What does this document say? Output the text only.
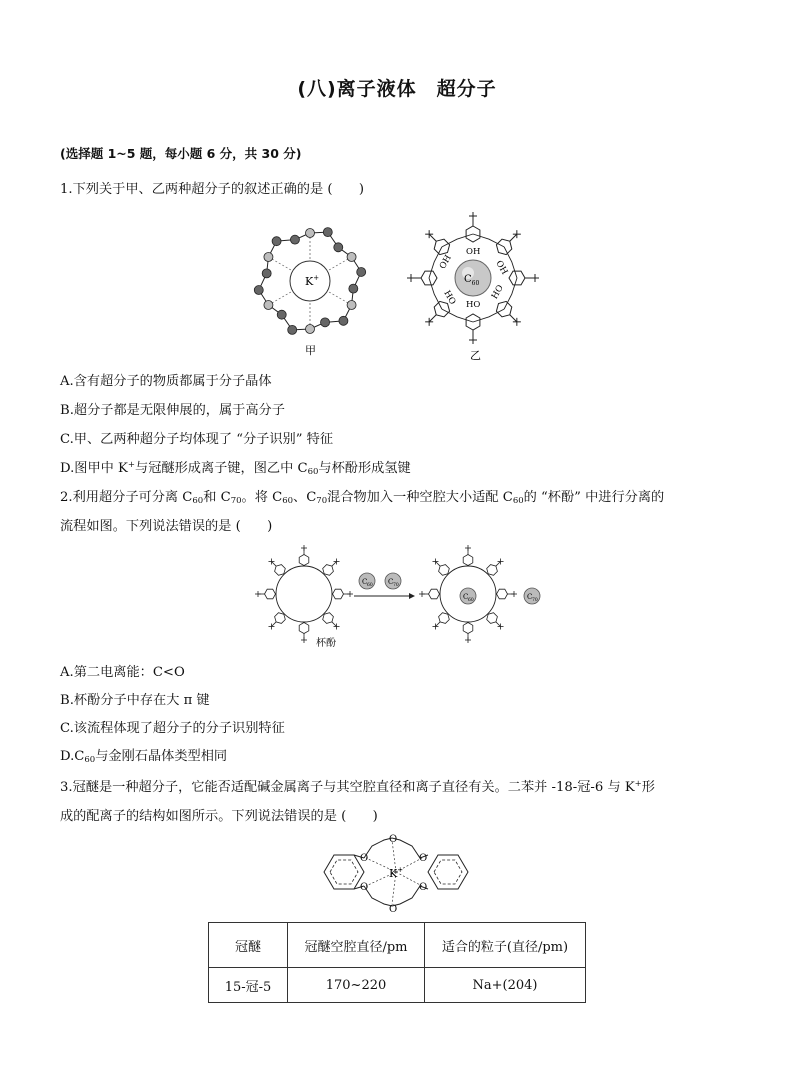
(八)离子液体　超分子
(选择题 1~5 题，每小题 6 分，共 30 分)
1.下列关于甲、乙两种超分子的叙述正确的是 (　　)
K+
甲
$C_{60}$
OH
HO
OH	OH
HO	HO
乙
A.含有超分子的物质都属于分子晶体
B.超分子都是无限伸展的，属于高分子
C.甲、乙两种超分子均体现了 “分子识别” 特征
D.图甲中 K+与冠醚形成离子键，图乙中 $C_{60}$与杯酚形成氢键
2.利用超分子可分离 $C_{60}$和 $C_{70}$。将 $C_{60}$、$C_{70}$混合物加入一种空腔大小适配 $C_{60}$的 “杯酚” 中进行分离的
流程如图。下列说法错误的是 (　　)
C 60 C 70
C 60	C 70
杯酚
A.第二电离能：C<O
B.杯酚分子中存在大 π 键
C.该流程体现了超分子的分子识别特征
$D.C_{60}$与金刚石晶体类型相同
3.冠醚是一种超分子，它能否适配碱金属离子与其空腔直径和离子直径有关。二苯并 -18-冠-6 与 K+形
成的配离子的结构如图所示。下列说法错误的是 (　　)
O
O
O
O
O
O
K+
冠醚	冠醚空腔直径/pm	适合的粒子(直径/pm)
15-冠-5	170~220	Na+(204)
